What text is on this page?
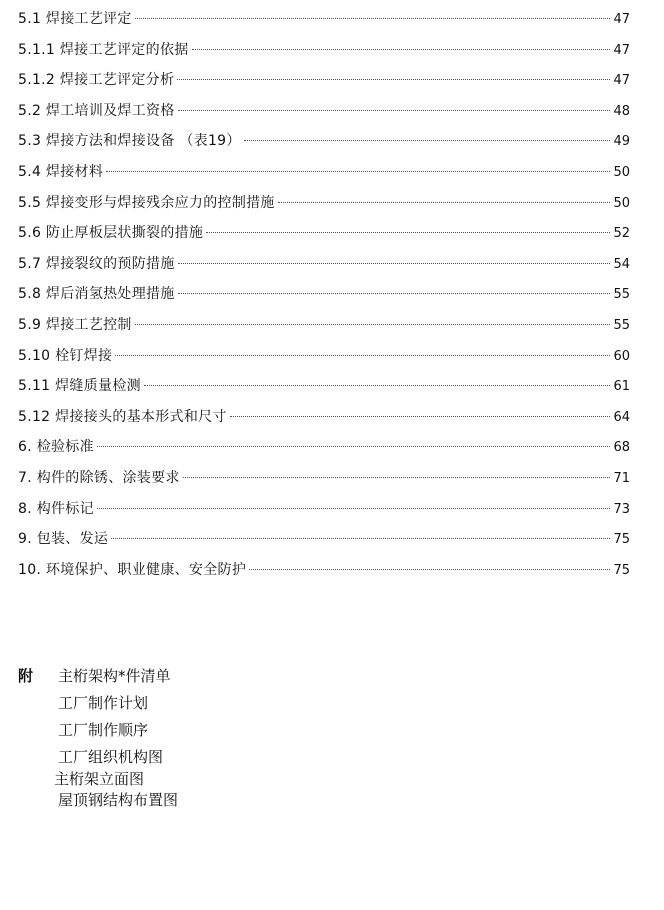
5.1 焊接工艺评定	47
5.1.1 焊接工艺评定的依据	47
5.1.2 焊接工艺评定分析	47
5.2 焊工培训及焊工资格	48
5.3 焊接方法和焊接设备 （表19）	49
5.4 焊接材料	50
5.5 焊接变形与焊接残余应力的控制措施	50
5.6 防止厚板层状撕裂的措施	52
5.7 焊接裂纹的预防措施	54
5.8 焊后消氢热处理措施	55
5.9 焊接工艺控制	55
5.10 栓钉焊接	60
5.11 焊缝质量检测	61
5.12 焊接接头的基本形式和尺寸	64
6. 检验标准	68
7. 构件的除锈、涂装要求	71
8. 构件标记	73
9. 包装、发运	75
10. 环境保护、职业健康、安全防护	75
附 主桁架构*件清单
工厂制作计划
工厂制作顺序
工厂组织机构图
主桁架立面图
屋顶钢结构布置图
